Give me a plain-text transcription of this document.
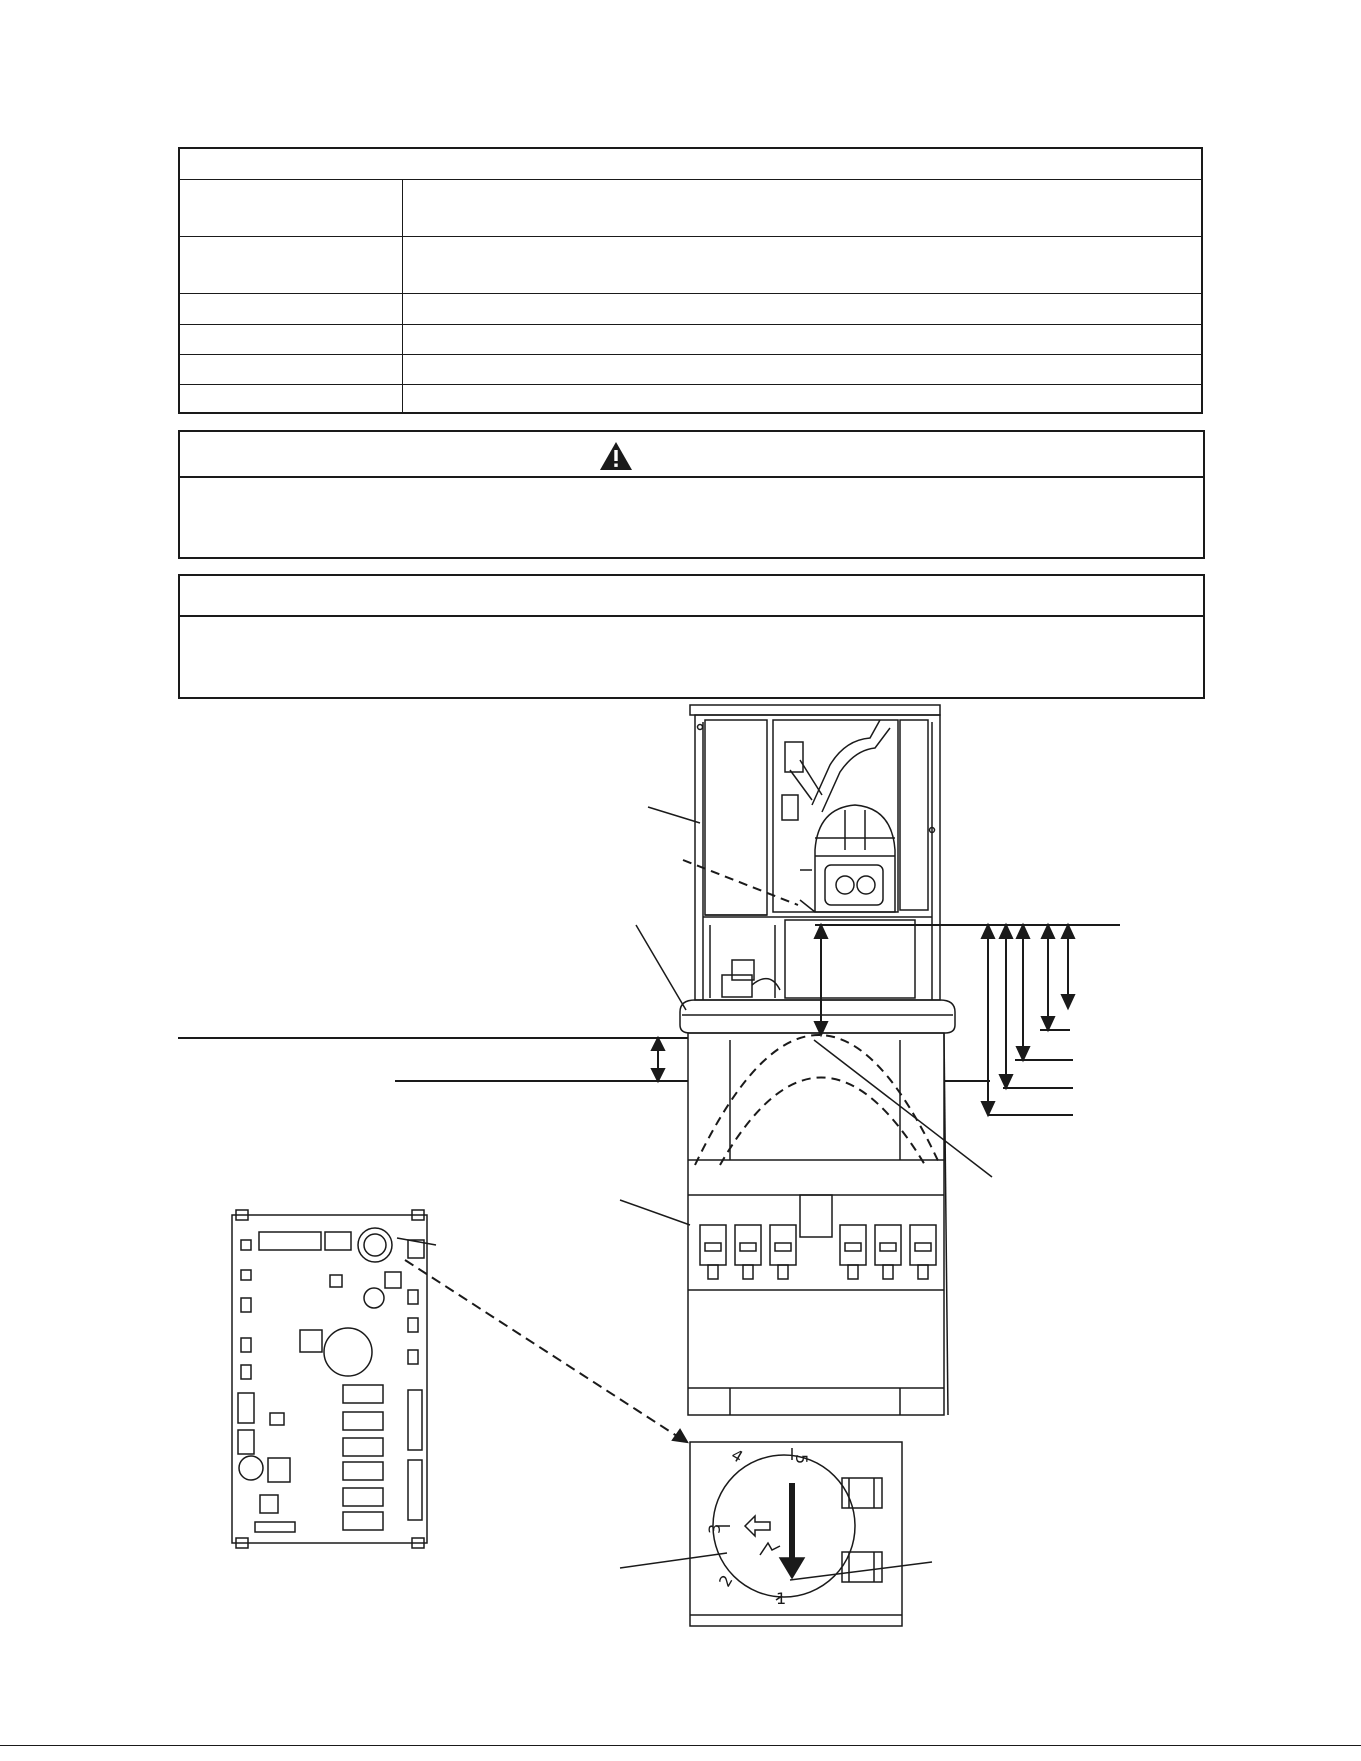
1
2
3
4	5
